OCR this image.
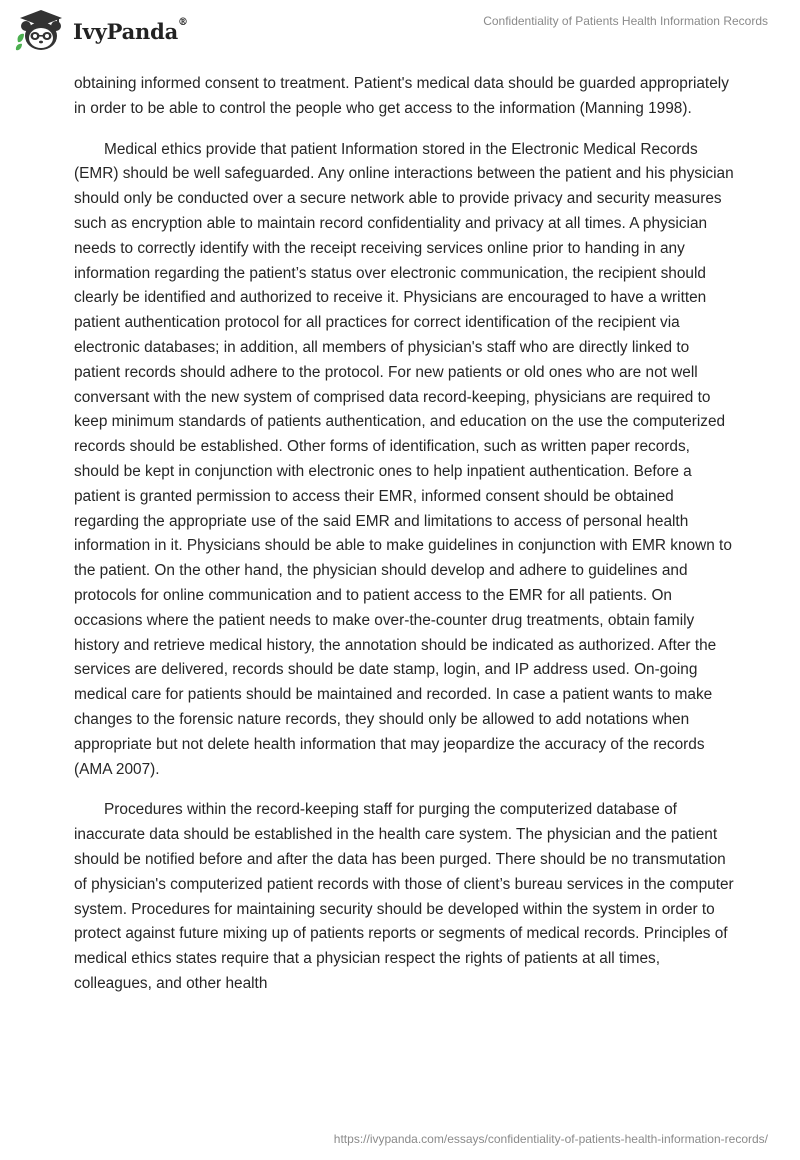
IvyPanda®	Confidentiality of Patients Health Information Records

obtaining informed consent to treatment. Patient's medical data should be guarded appropriately in order to be able to control the people who get access to the information (Manning 1998).

Medical ethics provide that patient Information stored in the Electronic Medical Records (EMR) should be well safeguarded. Any online interactions between the patient and his physician should only be conducted over a secure network able to provide privacy and security measures such as encryption able to maintain record confidentiality and privacy at all times. A physician needs to correctly identify with the receipt receiving services online prior to handing in any information regarding the patient’s status over electronic communication, the recipient should clearly be identified and authorized to receive it. Physicians are encouraged to have a written patient authentication protocol for all practices for correct identification of the recipient via electronic databases; in addition, all members of physician's staff who are directly linked to patient records should adhere to the protocol. For new patients or old ones who are not well conversant with the new system of comprised data record-keeping, physicians are required to keep minimum standards of patients authentication, and education on the use the computerized records should be established. Other forms of identification, such as written paper records, should be kept in conjunction with electronic ones to help inpatient authentication. Before a patient is granted permission to access their EMR, informed consent should be obtained regarding the appropriate use of the said EMR and limitations to access of personal health information in it. Physicians should be able to make guidelines in conjunction with EMR known to the patient. On the other hand, the physician should develop and adhere to guidelines and protocols for online communication and to patient access to the EMR for all patients. On occasions where the patient needs to make over-the-counter drug treatments, obtain family history and retrieve medical history, the annotation should be indicated as authorized. After the services are delivered, records should be date stamp, login, and IP address used. On-going medical care for patients should be maintained and recorded. In case a patient wants to make changes to the forensic nature records, they should only be allowed to add notations when appropriate but not delete health information that may jeopardize the accuracy of the records (AMA 2007).

Procedures within the record-keeping staff for purging the computerized database of inaccurate data should be established in the health care system. The physician and the patient should be notified before and after the data has been purged. There should be no transmutation of physician's computerized patient records with those of client’s bureau services in the computer system. Procedures for maintaining security should be developed within the system in order to protect against future mixing up of patients reports or segments of medical records. Principles of medical ethics states require that a physician respect the rights of patients at all times, colleagues, and other health

https://ivypanda.com/essays/confidentiality-of-patients-health-information-records/
